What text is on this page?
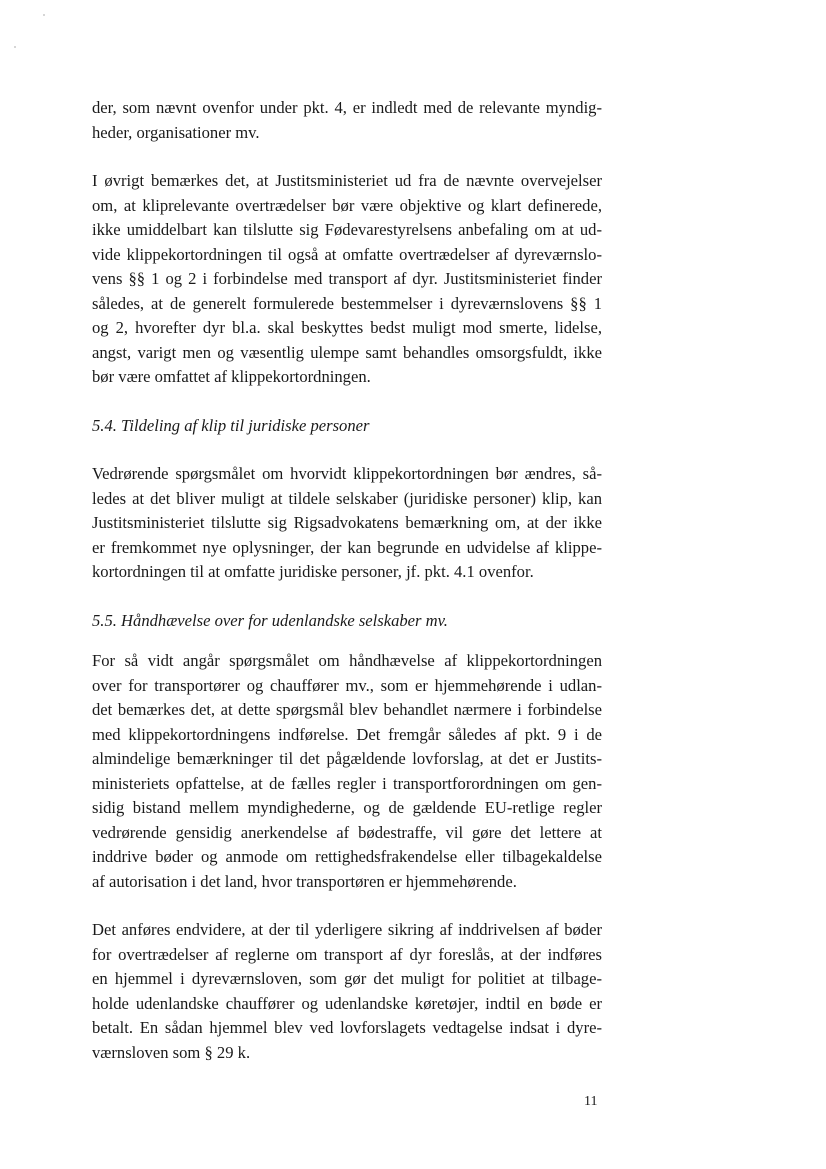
der, som nævnt ovenfor under pkt. 4, er indledt med de relevante myndig-
heder, organisationer mv.

I øvrigt bemærkes det, at Justitsministeriet ud fra de nævnte overvejelser
om, at kliprelevante overtrædelser bør være objektive og klart definerede,
ikke umiddelbart kan tilslutte sig Fødevarestyrelsens anbefaling om at ud-
vide klippekortordningen til også at omfatte overtrædelser af dyreværnslo-
vens §§ 1 og 2 i forbindelse med transport af dyr. Justitsministeriet finder
således, at de generelt formulerede bestemmelser i dyreværnslovens §§ 1
og 2, hvorefter dyr bl.a. skal beskyttes bedst muligt mod smerte, lidelse,
angst, varigt men og væsentlig ulempe samt behandles omsorgsfuldt, ikke
bør være omfattet af klippekortordningen.

5.4. Tildeling af klip til juridiske personer

Vedrørende spørgsmålet om hvorvidt klippekortordningen bør ændres, så-
ledes at det bliver muligt at tildele selskaber (juridiske personer) klip, kan
Justitsministeriet tilslutte sig Rigsadvokatens bemærkning om, at der ikke
er fremkommet nye oplysninger, der kan begrunde en udvidelse af klippe-
kortordningen til at omfatte juridiske personer, jf. pkt. 4.1 ovenfor.

5.5. Håndhævelse over for udenlandske selskaber mv.

For så vidt angår spørgsmålet om håndhævelse af klippekortordningen
over for transportører og chauffører mv., som er hjemmehørende i udlan-
det bemærkes det, at dette spørgsmål blev behandlet nærmere i forbindelse
med klippekortordningens indførelse. Det fremgår således af pkt. 9 i de
almindelige bemærkninger til det pågældende lovforslag, at det er Justits-
ministeriets opfattelse, at de fælles regler i transportforordningen om gen-
sidig bistand mellem myndighederne, og de gældende EU-retlige regler
vedrørende gensidig anerkendelse af bødestraffe, vil gøre det lettere at
inddrive bøder og anmode om rettighedsfrakendelse eller tilbagekaldelse
af autorisation i det land, hvor transportøren er hjemmehørende.

Det anføres endvidere, at der til yderligere sikring af inddrivelsen af bøder
for overtrædelser af reglerne om transport af dyr foreslås, at der indføres
en hjemmel i dyreværnsloven, som gør det muligt for politiet at tilbage-
holde udenlandske chauffører og udenlandske køretøjer, indtil en bøde er
betalt. En sådan hjemmel blev ved lovforslagets vedtagelse indsat i dyre-
værnsloven som § 29 k.

11
